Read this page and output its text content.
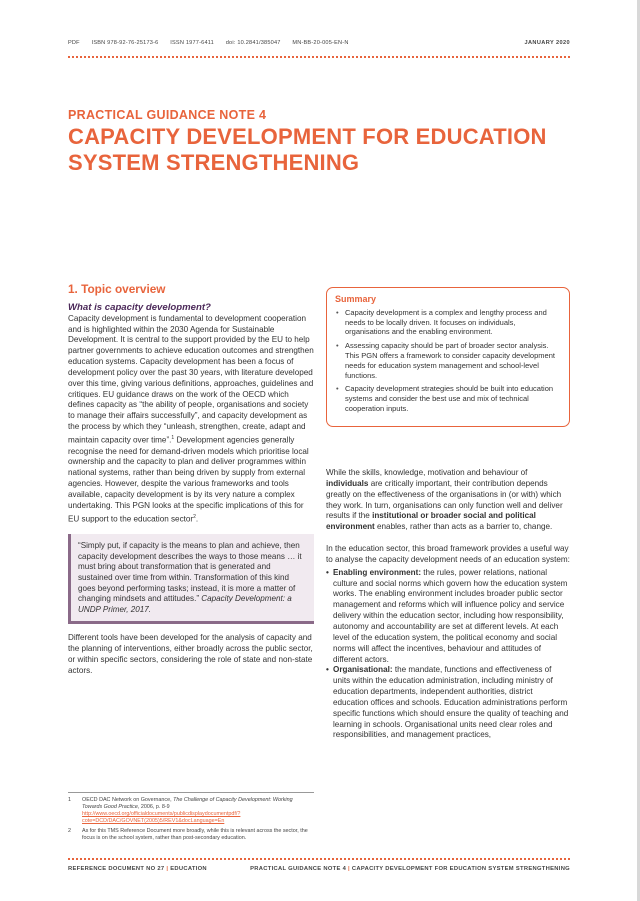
PDF ISBN 978-92-76-25173-6 ISSN 1977-6411 doi: 10.2841/385047 MN-BB-20-005-EN-N	JANUARY 2020
PRACTICAL GUIDANCE NOTE 4
CAPACITY DEVELOPMENT FOR EDUCATION SYSTEM STRENGTHENING
1. Topic overview
What is capacity development?

Capacity development is fundamental to development cooperation and is highlighted within the 2030 Agenda for Sustainable Development. It is central to the support provided by the EU to help partner governments to achieve education outcomes and strengthen education systems. Capacity development has been a focus of development policy over the past 30 years, with literature developed over this time, giving various definitions, approaches, guidelines and critiques. EU guidance draws on the work of the OECD which defines capacity as “the ability of people, organisations and society to manage their affairs successfully”, and capacity development as the process by which they “unleash, strengthen, create, adapt and maintain capacity over time”.$^1$ Development agencies generally recognise the need for demand-driven models which prioritise local ownership and the capacity to plan and deliver programmes within national systems, rather than being driven by supply from external agencies. However, despite the various frameworks and tools available, capacity development is by its very nature a complex undertaking. This PGN looks at the specific implications of this for EU support to the education sector$^2$.

“Simply put, if capacity is the means to plan and achieve, then capacity development describes the ways to those means … it must bring about transformation that is generated and sustained over time from within. Transformation of this kind goes beyond performing tasks; instead, it is more a matter of changing mindsets and attitudes.” Capacity Development: a UNDP Primer, 2017.

Different tools have been developed for the analysis of capacity and the planning of interventions, either broadly across the public sector, or within specific sectors, considering the role of state and non-state actors.

Summary
• Capacity development is a complex and lengthy process and needs to be locally driven. It focuses on individuals, organisations and the enabling environment.
• Assessing capacity should be part of broader sector analysis. This PGN offers a framework to consider capacity development needs for education system management and school-level functions.
• Capacity development strategies should be built into education systems and consider the best use and mix of technical cooperation inputs.

While the skills, knowledge, motivation and behaviour of individuals are critically important, their contribution depends greatly on the effectiveness of the organisations in (or with) which they work. In turn, organisations can only function well and deliver results if the institutional or broader social and political environment enables, rather than acts as a barrier to, change.

In the education sector, this broad framework provides a useful way to analyse the capacity development needs of an education system:

• Enabling environment: the rules, power relations, national culture and social norms which govern how the education system works. The enabling environment includes broader public sector management and reforms which will influence policy and service delivery within the education sector, including how responsibility, autonomy and accountability are set at different levels. At each level of the education system, the political economy and social norms will affect the incentives, behaviour and attitudes of different actors.
• Organisational: the mandate, functions and effectiveness of units within the education administration, including ministry of education departments, independent authorities, district education offices and schools. Education administrations perform specific functions which should ensure the quality of teaching and learning in schools. Organisational units need clear roles and responsibilities, and management practices,
1 OECD DAC Network on Governance, The Challenge of Capacity Development: Working Towards Good Practice, 2006, p. 8-9 http://www.oecd.org/officialdocuments/publicdisplaydocumentpdf/?cote=DCD/DAC/GOVNET(2005)5/REV1&docLanguage=En
2 As for this TMS Reference Document more broadly, while this is relevant across the sector, the focus is on the school system, rather than post-secondary education.
REFERENCE DOCUMENT NO 27 | EDUCATION	PRACTICAL GUIDANCE NOTE 4 | CAPACITY DEVELOPMENT FOR EDUCATION SYSTEM STRENGTHENING
